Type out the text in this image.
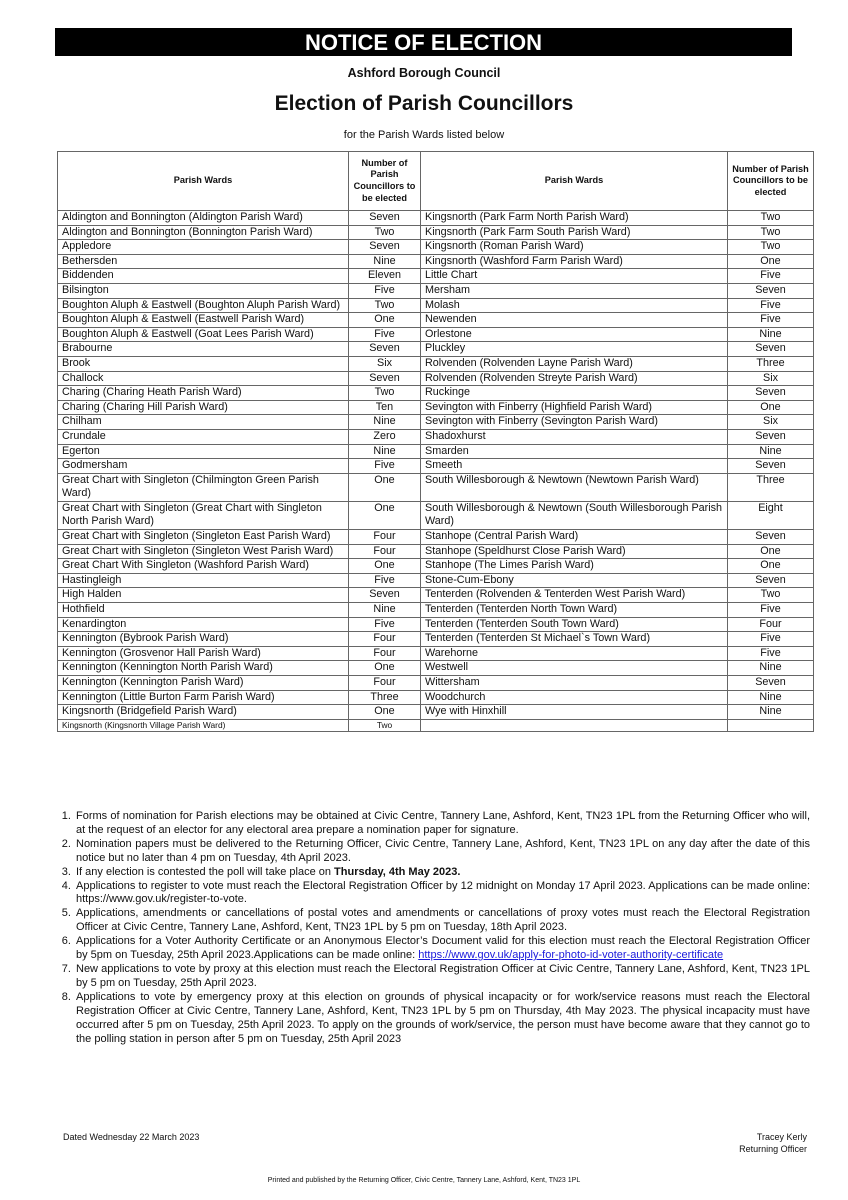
NOTICE OF ELECTION
Ashford Borough Council
Election of Parish Councillors
for the Parish Wards listed below
Parish Wards	Number of Parish Councillors to be elected	Parish Wards	Number of Parish Councillors to be elected
Aldington and Bonnington (Aldington Parish Ward)	Seven	Kingsnorth (Park Farm North Parish Ward)	Two
Aldington and Bonnington (Bonnington Parish Ward)	Two	Kingsnorth (Park Farm South Parish Ward)	Two
Appledore	Seven	Kingsnorth (Roman Parish Ward)	Two
Bethersden	Nine	Kingsnorth (Washford Farm Parish Ward)	One
Biddenden	Eleven	Little Chart	Five
Bilsington	Five	Mersham	Seven
Boughton Aluph & Eastwell (Boughton Aluph Parish Ward)	Two	Molash	Five
Boughton Aluph & Eastwell (Eastwell Parish Ward)	One	Newenden	Five
Boughton Aluph & Eastwell (Goat Lees Parish Ward)	Five	Orlestone	Nine
Brabourne	Seven	Pluckley	Seven
Brook	Six	Rolvenden (Rolvenden Layne Parish Ward)	Three
Challock	Seven	Rolvenden (Rolvenden Streyte Parish Ward)	Six
Charing (Charing Heath Parish Ward)	Two	Ruckinge	Seven
Charing (Charing Hill Parish Ward)	Ten	Sevington with Finberry (Highfield Parish Ward)	One
Chilham	Nine	Sevington with Finberry (Sevington Parish Ward)	Six
Crundale	Zero	Shadoxhurst	Seven
Egerton	Nine	Smarden	Nine
Godmersham	Five	Smeeth	Seven
Great Chart with Singleton (Chilmington Green Parish Ward)	One	South Willesborough & Newtown (Newtown Parish Ward)	Three
Great Chart with Singleton (Great Chart with Singleton North Parish Ward)	One	South Willesborough & Newtown (South Willesborough Parish Ward)	Eight
Great Chart with Singleton (Singleton East Parish Ward)	Four	Stanhope (Central Parish Ward)	Seven
Great Chart with Singleton (Singleton West Parish Ward)	Four	Stanhope (Speldhurst Close Parish Ward)	One
Great Chart With Singleton (Washford Parish Ward)	One	Stanhope (The Limes Parish Ward)	One
Hastingleigh	Five	Stone-Cum-Ebony	Seven
High Halden	Seven	Tenterden (Rolvenden & Tenterden West Parish Ward)	Two
Hothfield	Nine	Tenterden (Tenterden North Town Ward)	Five
Kenardington	Five	Tenterden (Tenterden South Town Ward)	Four
Kennington (Bybrook Parish Ward)	Four	Tenterden (Tenterden St Michael`s Town Ward)	Five
Kennington (Grosvenor Hall Parish Ward)	Four	Warehorne	Five
Kennington (Kennington North Parish Ward)	One	Westwell	Nine
Kennington (Kennington Parish Ward)	Four	Wittersham	Seven
Kennington (Little Burton Farm Parish Ward)	Three	Woodchurch	Nine
Kingsnorth (Bridgefield Parish Ward)	One	Wye with Hinxhill	Nine
Kingsnorth (Kingsnorth Village Parish Ward)	Two		
1. Forms of nomination for Parish elections may be obtained at Civic Centre, Tannery Lane, Ashford, Kent, TN23 1PL from the Returning Officer who will, at the request of an elector for any electoral area prepare a nomination paper for signature.
2. Nomination papers must be delivered to the Returning Officer, Civic Centre, Tannery Lane, Ashford, Kent, TN23 1PL on any day after the date of this notice but no later than 4 pm on Tuesday, 4th April 2023.
3. If any election is contested the poll will take place on Thursday, 4th May 2023.
4. Applications to register to vote must reach the Electoral Registration Officer by 12 midnight on Monday 17 April 2023. Applications can be made online: https://www.gov.uk/register-to-vote.
5. Applications, amendments or cancellations of postal votes and amendments or cancellations of proxy votes must reach the Electoral Registration Officer at Civic Centre, Tannery Lane, Ashford, Kent, TN23 1PL by 5 pm on Tuesday, 18th April 2023.
6. Applications for a Voter Authority Certificate or an Anonymous Elector’s Document valid for this election must reach the Electoral Registration Officer by 5pm on Tuesday, 25th April 2023.Applications can be made online: https://www.gov.uk/apply-for-photo-id-voter-authority-certificate
7. New applications to vote by proxy at this election must reach the Electoral Registration Officer at Civic Centre, Tannery Lane, Ashford, Kent, TN23 1PL by 5 pm on Tuesday, 25th April 2023.
8. Applications to vote by emergency proxy at this election on grounds of physical incapacity or for work/service reasons must reach the Electoral Registration Officer at Civic Centre, Tannery Lane, Ashford, Kent, TN23 1PL by 5 pm on Thursday, 4th May 2023. The physical incapacity must have occurred after 5 pm on Tuesday, 25th April 2023. To apply on the grounds of work/service, the person must have become aware that they cannot go to the polling station in person after 5 pm on Tuesday, 25th April 2023
Dated Wednesday 22 March 2023	Tracey Kerly
Returning Officer
Printed and published by the Returning Officer, Civic Centre, Tannery Lane, Ashford, Kent, TN23 1PL
